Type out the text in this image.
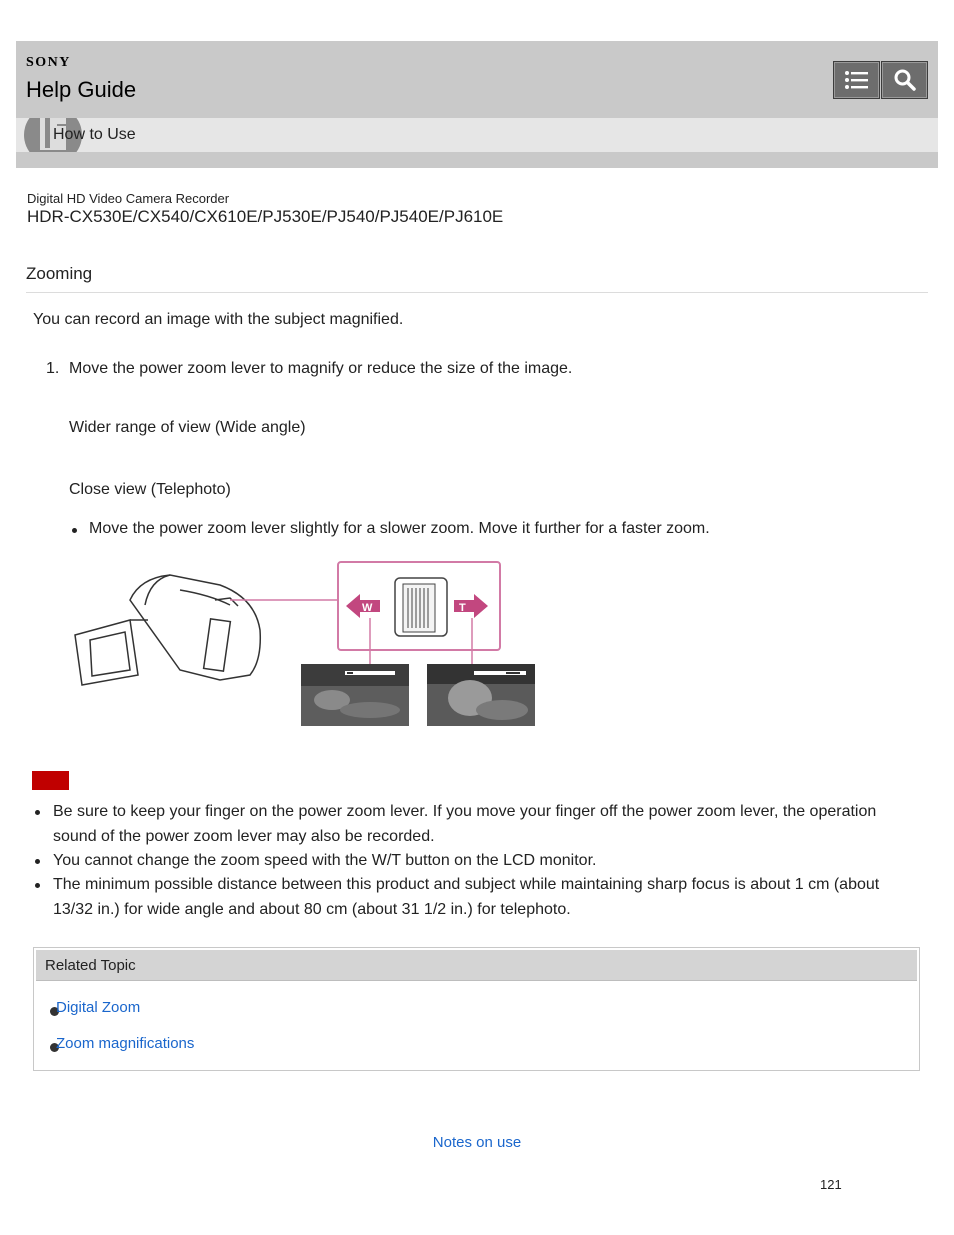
SONY
Help Guide
How to Use
Digital HD Video Camera Recorder
HDR-CX530E/CX540/CX610E/PJ530E/PJ540/PJ540E/PJ610E
Zooming
You can record an image with the subject magnified.
1. Move the power zoom lever to magnify or reduce the size of the image.
Wider range of view (Wide angle)
Close view (Telephoto)
Move the power zoom lever slightly for a slower zoom. Move it further for a faster zoom.
W	T
Be sure to keep your finger on the power zoom lever. If you move your finger off the power zoom lever, the operation sound of the power zoom lever may also be recorded.
You cannot change the zoom speed with the W/T button on the LCD monitor.
The minimum possible distance between this product and subject while maintaining sharp focus is about 1 cm (about 13/32 in.) for wide angle and about 80 cm (about 31 1/2 in.) for telephoto.
Related Topic
Digital Zoom
Zoom magnifications
Notes on use
121
